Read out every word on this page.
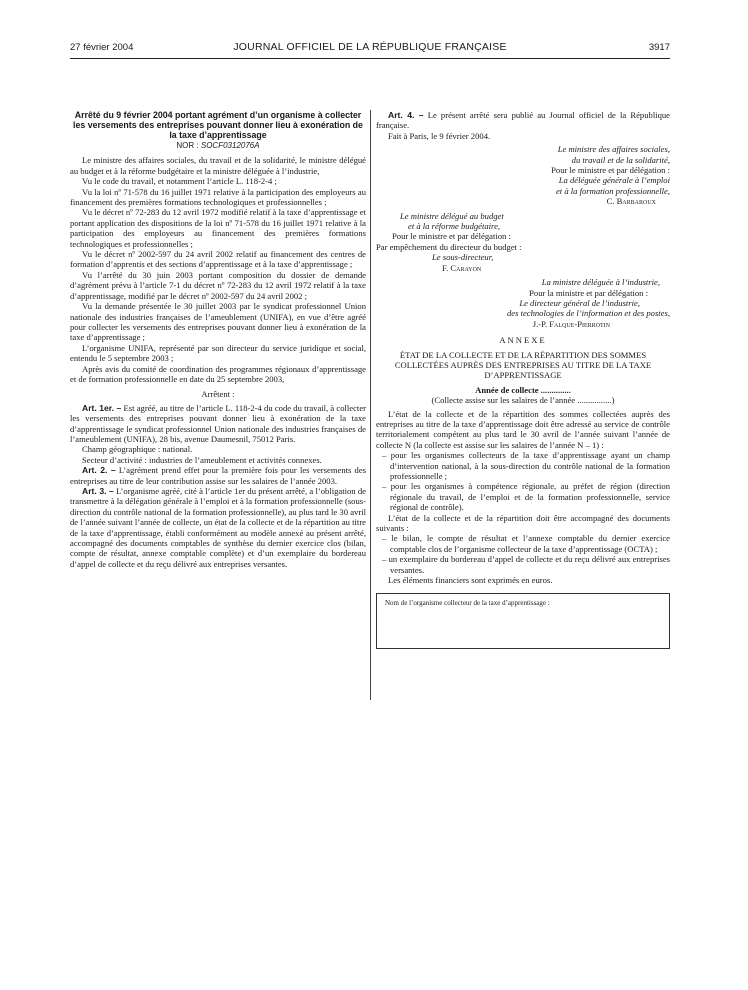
27 février 2004	JOURNAL OFFICIEL DE LA RÉPUBLIQUE FRANÇAISE	3917

Arrêté du 9 février 2004 portant agrément d’un organisme à collecter les versements des entreprises pouvant donner lieu à exonération de la taxe d’apprentissage

NOR : SOCF0312076A

Le ministre des affaires sociales, du travail et de la solidarité, le ministre délégué au budget et à la réforme budgétaire et la ministre déléguée à l’industrie,

Vu le code du travail, et notamment l’article L. 118-2-4 ;

Vu la loi nº 71-578 du 16 juillet 1971 relative à la participation des employeurs au financement des premières formations technologiques et professionnelles ;

Vu le décret nº 72-283 du 12 avril 1972 modifié relatif à la taxe d’apprentissage et portant application des dispositions de la loi nº 71-578 du 16 juillet 1971 relative à la participation des employeurs au financement des premières formations technologiques et professionnelles ;

Vu le décret nº 2002-597 du 24 avril 2002 relatif au financement des centres de formation d’apprentis et des sections d’apprentissage et à la taxe d’apprentissage ;

Vu l’arrêté du 30 juin 2003 portant composition du dossier de demande d’agrément prévu à l’article 7-1 du décret nº 72-283 du 12 avril 1972 relatif à la taxe d’apprentissage, modifié par le décret nº 2002-597 du 24 avril 2002 ;

Vu la demande présentée le 30 juillet 2003 par le syndicat professionnel Union nationale des industries françaises de l’ameublement (UNIFA), en vue d’être agréé pour collecter les versements des entreprises pouvant donner lieu à exonération de la taxe d’apprentissage ;

L’organisme UNIFA, représenté par son directeur du service juridique et social, entendu le 5 septembre 2003 ;

Après avis du comité de coordination des programmes régionaux d’apprentissage et de formation professionnelle en date du 25 septembre 2003,

Arrêtent :

Art. 1er. – Est agréé, au titre de l’article L. 118-2-4 du code du travail, à collecter les versements des entreprises pouvant donner lieu à exonération de la taxe d’apprentissage le syndicat professionnel Union nationale des industries françaises de l’ameublement (UNIFA), 28 bis, avenue Daumesnil, 75012 Paris.

Champ géographique : national.

Secteur d’activité : industries de l’ameublement et activités connexes.

Art. 2. – L’agrément prend effet pour la première fois pour les versements des entreprises au titre de leur contribution assise sur les salaires de l’année 2003.

Art. 3. – L’organisme agréé, cité à l’article 1er du présent arrêté, a l’obligation de transmettre à la délégation générale à l’emploi et à la formation professionnelle (sous-direction du contrôle national de la formation professionnelle), au plus tard le 30 avril de l’année suivant l’année de collecte, un état de la collecte et de la répartition au titre de la taxe d’apprentissage, établi conformément au modèle annexé au présent arrêté, accompagné des documents comptables de synthèse du dernier exercice clos (bilan, compte de résultat, annexe comptable complète) et d’un exemplaire du bordereau d’appel de collecte et du reçu délivré aux entreprises versantes.

Art. 4. – Le présent arrêté sera publié au Journal officiel de la République française.

Fait à Paris, le 9 février 2004.

Le ministre des affaires sociales,

du travail et de la solidarité,

Pour le ministre et par délégation :

La déléguée générale à l’emploi

et à la formation professionnelle,

C. Barbaroux

Le ministre délégué au budget

et à la réforme budgétaire,

Pour le ministre et par délégation :

Par empêchement du directeur du budget :

Le sous-directeur,

F. Carayon

La ministre déléguée à l’industrie,

Pour la ministre et par délégation :

Le directeur général de l’industrie,

des technologies de l’information et des postes,

J.-P. Falque-Pierrotin

ANNEXE

ÉTAT DE LA COLLECTE ET DE LA RÉPARTITION DES SOMMES COLLECTÉES AUPRÈS DES ENTREPRISES AU TITRE DE LA TAXE D’APPRENTISSAGE

Année de collecte ..............

(Collecte assise sur les salaires de l’année ................)

L’état de la collecte et de la répartition des sommes collectées auprès des entreprises au titre de la taxe d’apprentissage doit être adressé au service de contrôle territorialement compétent au plus tard le 30 avril de l’année suivant l’année de collecte N (la collecte est assise sur les salaires de l’année N – 1) :

– pour les organismes collecteurs de la taxe d’apprentissage ayant un champ d’intervention national, à la sous-direction du contrôle national de la formation professionnelle ;

– pour les organismes à compétence régionale, au préfet de région (direction régionale du travail, de l’emploi et de la formation professionnelle, service régional de contrôle).

L’état de la collecte et de la répartition doit être accompagné des documents suivants :

– le bilan, le compte de résultat et l’annexe comptable du dernier exercice comptable clos de l’organisme collecteur de la taxe d’apprentissage (OCTA) ;

– un exemplaire du bordereau d’appel de collecte et du reçu délivré aux entreprises versantes.

Les éléments financiers sont exprimés en euros.

Nom de l’organisme collecteur de la taxe d’apprentissage :
